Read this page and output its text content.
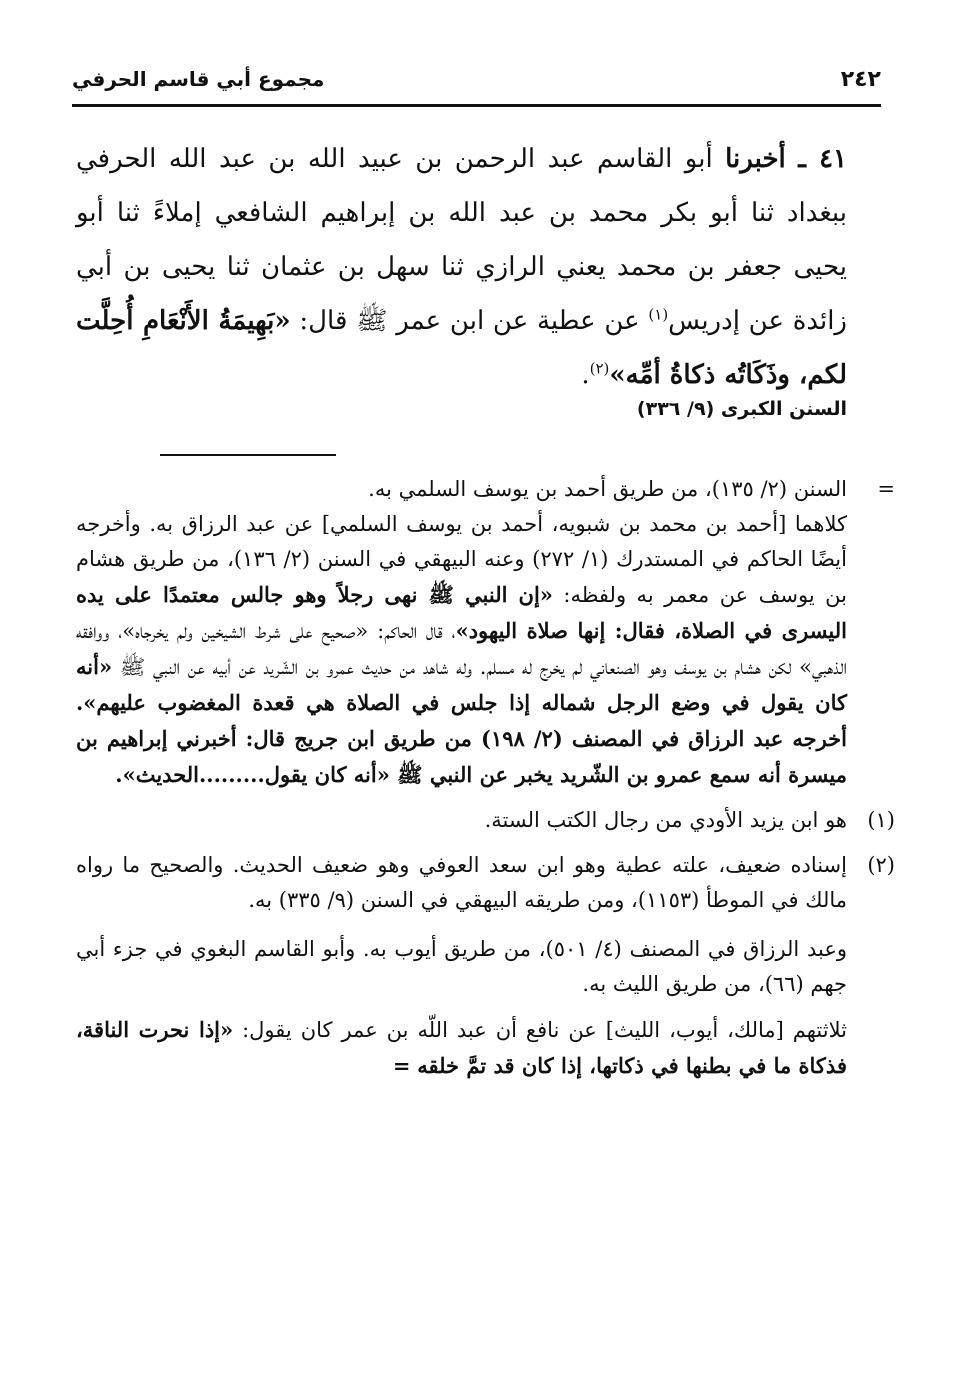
٢٤٢
مجموع أبي قاسم الحرفي

٤١ ـ أخبرنا أبو القاسم عبد الرحمن بن عبيد الله بن عبد الله الحرفي ببغداد ثنا أبو بكر محمد بن عبد الله بن إبراهيم الشافعي إملاءً ثنا أبو يحيى جعفر بن محمد يعني الرازي ثنا سهل بن عثمان ثنا يحيى بن أبي زائدة عن إدريس$^{(١)}$ عن عطية عن ابن عمر ﷺ قال: «بَهِيمَةُ الأَنْعَامِ أُحِلَّت لكم، وذَكَاتُه ذكاةُ أمِّه»$^{(٢)}$.

السنن الكبرى (٩/ ٣٣٦)
=

السنن (٢/ ١٣٥)، من طريق أحمد بن يوسف السلمي به.

كلاهما [أحمد بن محمد بن شبويه، أحمد بن يوسف السلمي] عن عبد الرزاق به. وأخرجه أيضًا الحاكم في المستدرك (١/ ٢٧٢) وعنه البيهقي في السنن (٢/ ١٣٦)، من طريق هشام بن يوسف عن معمر به ولفظه: «إن النبي ﷺ نهى رجلاً وهو جالس معتمدًا على يده اليسرى في الصلاة، فقال: إنها صلاة اليهود»، قال الحاكم: «صحيح على شرط الشيخين ولم يخرجاه»، ووافقه الذهبي» لكن هشام بن يوسف وهو الصنعاني لم يخرج له مسلم. وله شاهد من حديث عمرو بن الشّريد عن أبيه عن النبي ﷺ «أنه كان يقول في وضع الرجل شماله إذا جلس في الصلاة هي قعدة المغضوب عليهم». أخرجه عبد الرزاق في المصنف (٢/ ١٩٨) من طريق ابن جريج قال: أخبرني إبراهيم بن ميسرة أنه سمع عمرو بن الشّريد يخبر عن النبي ﷺ «أنه كان يقول.........الحديث».

(١)

هو ابن يزيد الأودي من رجال الكتب الستة.

(٢)

إسناده ضعيف، علته عطية وهو ابن سعد العوفي وهو ضعيف الحديث. والصحيح ما رواه مالك في الموطأ (١١٥٣)، ومن طريقه البيهقي في السنن (٩/ ٣٣٥) به.

وعبد الرزاق في المصنف (٤/ ٥٠١)، من طريق أيوب به. وأبو القاسم البغوي في جزء أبي جهم (٦٦)، من طريق الليث به.

ثلاثتهم [مالك، أيوب، الليث] عن نافع أن عبد اللّه بن عمر كان يقول: «إذا نحرت الناقة، فذكاة ما في بطنها في ذكاتها، إذا كان قد تمَّ خلقه =
